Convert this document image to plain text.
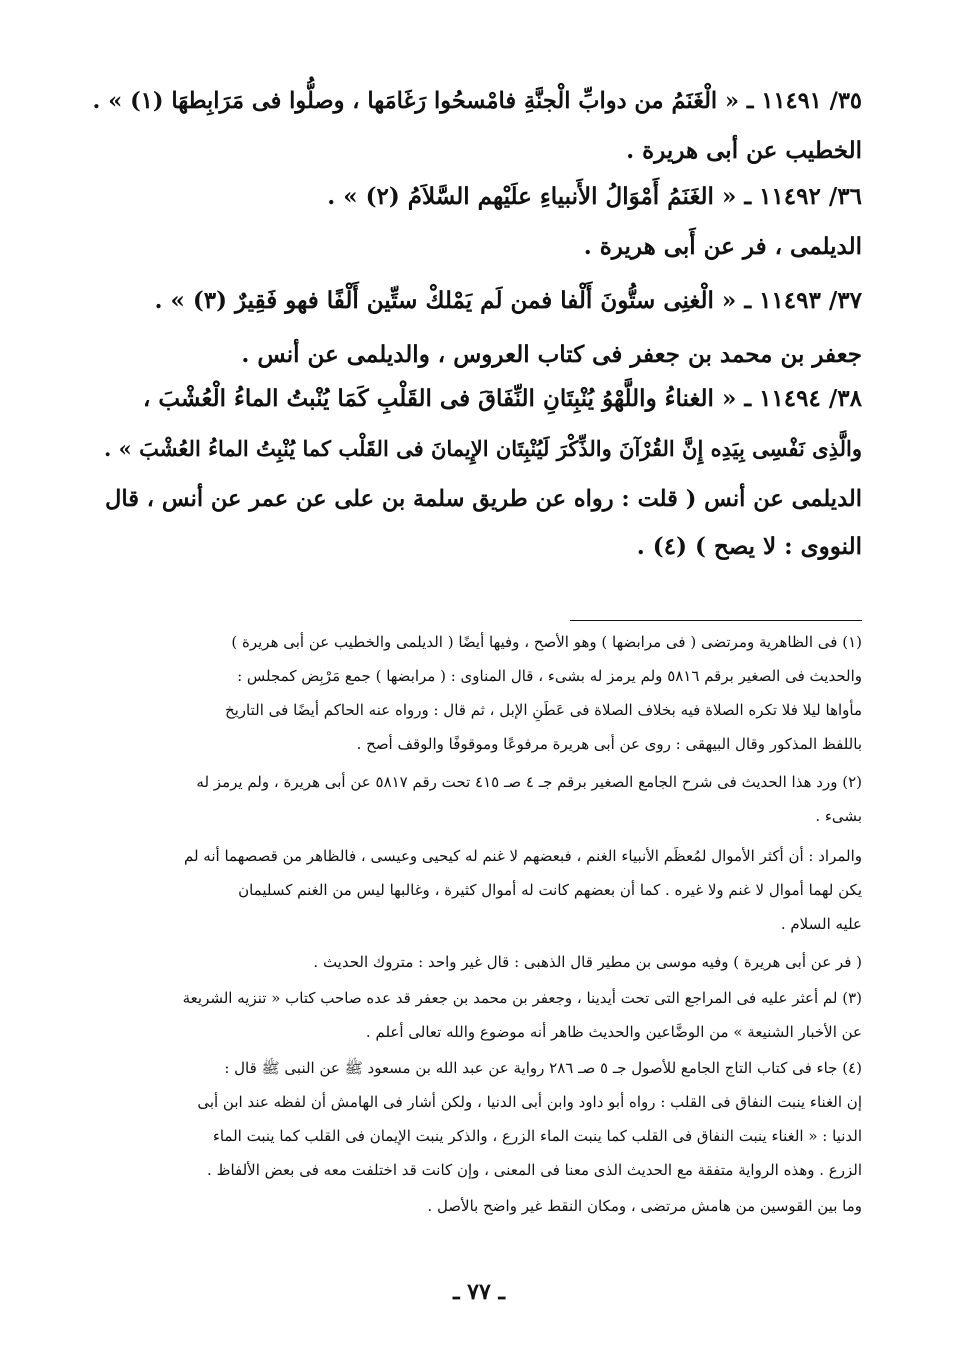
٣٥/ ١١٤٩١ ـ « الْغَنَمُ من دوابِّ الْجنَّةِ فامْسحُوا رَغَامَها ، وصلُّوا فى مَرَابِطهَا (١) » .
الخطيب عن أبى هريرة .
٣٦/ ١١٤٩٢ ـ « الغَنَمُ أَمْوَالُ الأَنبياءِ علَيْهم السَّلاَمُ (٢) » .
الديلمى ، فر عن أَبى هريرة .
٣٧/ ١١٤٩٣ ـ « الْغنِى ستُّونَ أَلْفا فمن لَم يَمْلكْ ستِّين أَلْفًا فهو فَقِيرٌ (٣) » .
جعفر بن محمد بن جعفر فى كتاب العروس ، والديلمى عن أنس .
٣٨/ ١١٤٩٤ ـ « الغناءُ واللَّهْوُ يُنْبِتَانِ النِّفَاقَ فى القَلْبِ كَمَا يُنْبتُ الماءُ الْعُشْبَ ،
والَّذِى نَفْسِى بِيَدِه إِنَّ القُرْآنَ والذِّكْرَ لَيُنْبِتَان الإِيمانَ فى القَلْب كما يُنْبِتُ الماءُ العُشْبَ » .
الديلمى عن أنس ( قلت : رواه عن طريق سلمة بن على عن عمر عن أنس ، قال
النووى : لا يصح ) (٤) .
(١) فى الظاهرية ومرتضى ( فى مرابضها ) وهو الأصح ، وفيها أيضًا ( الديلمى والخطيب عن أبى هريرة )
والحديث فى الصغير برقم ٥٨١٦ ولم يرمز له بشىء ، قال المناوى : ( مرابضها ) جمع مَرْبِض كمجلس :
مأواها ليلا فلا تكره الصلاة فيه بخلاف الصلاة فى عَطَنِ الإبل ، ثم قال : ورواه عنه الحاكم أيضًا فى التاريخ
باللفظ المذكور وقال البيهقى : روى عن أبى هريرة مرفوعًا وموقوفًا والوقف أصح .
(٢) ورد هذا الحديث فى شرح الجامع الصغير برقم جـ ٤ صـ ٤١٥ تحت رقم ٥٨١٧ عن أبى هريرة ، ولم يرمز له
بشىء .
والمراد : أن أكثر الأموال لمُعظَم الأنبياء الغنم ، فبعضهم لا غنم له كيحيى وعيسى ، فالظاهر من قصصهما أنه لم
يكن لهما أموال لا غنم ولا غيره . كما أن بعضهم كانت له أموال كثيرة ، وغالبها ليس من الغنم كسليمان
عليه السلام .
( فر عن أبى هريرة ) وفيه موسى بن مطير قال الذهبى : قال غير واحد : متروك الحديث .
(٣) لم أعثر عليه فى المراجع التى تحت أيدينا ، وجعفر بن محمد بن جعفر قد عده صاحب كتاب « تنزيه الشريعة
عن الأخبار الشنيعة » من الوضَّاعين والحديث ظاهر أنه موضوع والله تعالى أعلم .
(٤) جاء فى كتاب التاج الجامع للأصول جـ ٥ صـ ٢٨٦ رواية عن عبد الله بن مسعود ﷺ عن النبى ﷺ قال :
إن الغناء ينبت النفاق فى القلب : رواه أبو داود وابن أبى الدنيا ، ولكن أشار فى الهامش أن لفظه عند ابن أبى
الدنيا : « الغناء ينبت النفاق فى القلب كما ينبت الماء الزرع ، والذكر ينبت الإيمان فى القلب كما ينبت الماء
الزرع . وهذه الرواية متفقة مع الحديث الذى معنا فى المعنى ، وإن كانت قد اختلفت معه فى بعض الألفاظ .
وما بين القوسين من هامش مرتضى ، ومكان النقط غير واضح بالأصل .
ـ ٧٧ ـ
